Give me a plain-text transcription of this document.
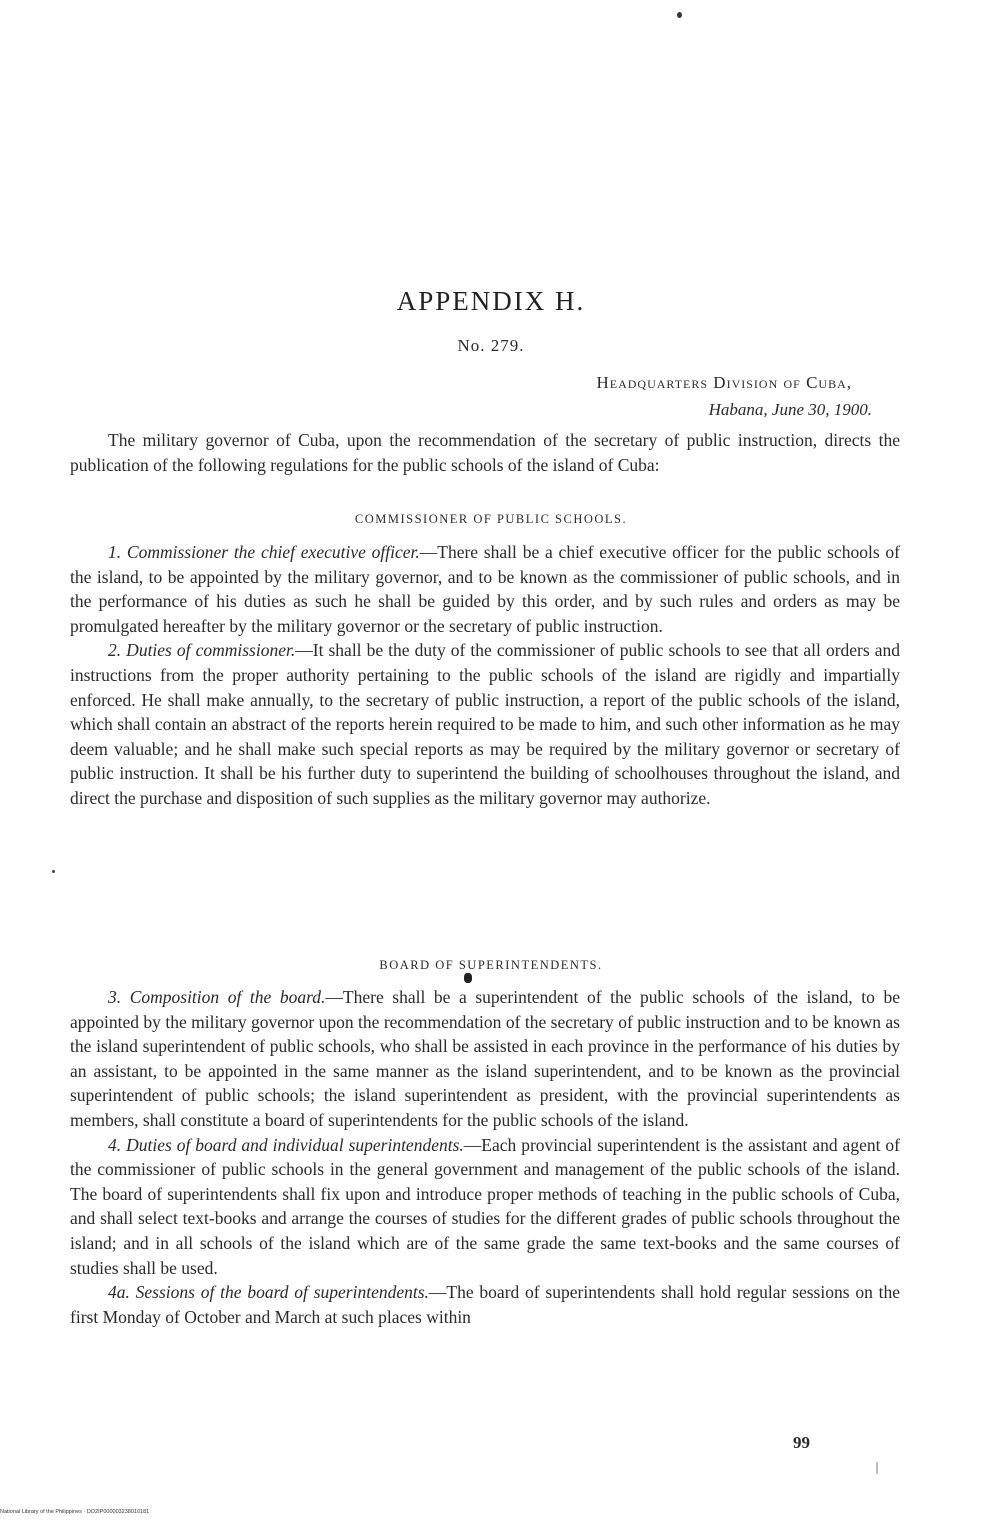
APPENDIX H.
No. 279.
Headquarters Division of Cuba,
Habana, June 30, 1900.

The military governor of Cuba, upon the recommendation of the secretary of public instruction, directs the publication of the following regulations for the public schools of the island of Cuba:

COMMISSIONER OF PUBLIC SCHOOLS.

1. Commissioner the chief executive officer.—There shall be a chief executive officer for the public schools of the island, to be appointed by the military governor, and to be known as the commissioner of public schools, and in the performance of his duties as such he shall be guided by this order, and by such rules and orders as may be promulgated hereafter by the military governor or the secretary of public instruction.

2. Duties of commissioner.—It shall be the duty of the commissioner of public schools to see that all orders and instructions from the proper authority pertaining to the public schools of the island are rigidly and impartially enforced. He shall make annually, to the secretary of public instruction, a report of the public schools of the island, which shall contain an abstract of the reports herein required to be made to him, and such other information as he may deem valuable; and he shall make such special reports as may be required by the military governor or secretary of public instruction. It shall be his further duty to superintend the building of schoolhouses throughout the island, and direct the purchase and disposition of such supplies as the military governor may authorize.

BOARD OF SUPERINTENDENTS.

3. Composition of the board.—There shall be a superintendent of the public schools of the island, to be appointed by the military governor upon the recommendation of the secretary of public instruction and to be known as the island superintendent of public schools, who shall be assisted in each province in the performance of his duties by an assistant, to be appointed in the same manner as the island superintendent, and to be known as the provincial superintendent of public schools; the island superintendent as president, with the provincial superintendents as members, shall constitute a board of superintendents for the public schools of the island.

4. Duties of board and individual superintendents.—Each provincial superintendent is the assistant and agent of the commissioner of public schools in the general government and management of the public schools of the island. The board of superintendents shall fix upon and introduce proper methods of teaching in the public schools of Cuba, and shall select text-books and arrange the courses of studies for the different grades of public schools throughout the island; and in all schools of the island which are of the same grade the same text-books and the same courses of studies shall be used.

4a. Sessions of the board of superintendents.—The board of superintendents shall hold regular sessions on the first Monday of October and March at such places within

99
National Library of the Philippines · DO2IP000003238010181
